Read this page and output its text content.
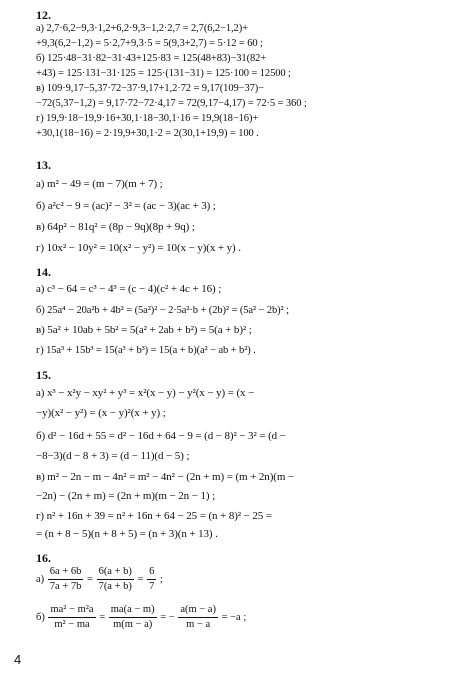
12.
а) 2,7·6,2−9,3·1,2+6,2·9,3−1,2·2,7 = 2,7(6,2−1,2)+
+9,3(6,2−1,2) = 5·2,7+9,3·5 = 5(9,3+2,7) = 5·12 = 60 ;
б) 125·48−31·82−31·43+125·83 = 125(48+83)−31(82+
+43) = 125·131−31·125 = 125·(131−31) = 125·100 = 12500 ;
в) 109·9,17−5,37·72−37·9,17+1,2·72 = 9,17(109−37)−
−72(5,37−1,2) = 9,17·72−72·4,17 = 72(9,17−4,17) = 72·5 = 360 ;
г) 19,9·18−19,9·16+30,1·18−30,1·16 = 19,9(18−16)+
+30,1(18−16) = 2·19,9+30,1·2 = 2(30,1+19,9) = 100 .
13.
а) m² − 49 = (m − 7)(m + 7) ;
б) a²c² − 9 = (ac)² − 3² = (ac − 3)(ac + 3) ;
в) 64p² − 81q² = (8p − 9q)(8p + 9q) ;
г) 10x² − 10y² = 10(x² − y²) = 10(x − y)(x + y) .
14.
а) c³ − 64 = c³ − 4³ = (c − 4)(c² + 4c + 16) ;
б) 25a⁴ − 20a²b + 4b² = (5a²)² − 2·5a²·b + (2b)² = (5a² − 2b)² ;
в) 5a² + 10ab + 5b² = 5(a² + 2ab + b²) = 5(a + b)² ;
г) 15a³ + 15b³ = 15(a³ + b³) = 15(a + b)(a² − ab + b²) .
15.
а) x³ − x²y − xy² + y³ = x²(x − y) − y²(x − y) = (x −
−y)(x² − y²) = (x − y)²(x + y) ;
б) d² − 16d + 55 = d² − 16d + 64 − 9 = (d − 8)² − 3² = (d −
−8−3)(d − 8 + 3) = (d − 11)(d − 5) ;
в) m² − 2n − m − 4n² = m² − 4n² − (2n + m) = (m + 2n)(m −
−2n) − (2n + m) = (2n + m)(m − 2n − 1) ;
г) n² + 16n + 39 = n² + 16n + 64 − 25 = (n + 8)² − 25 =
= (n + 8 − 5)(n + 8 + 5) = (n + 3)(n + 13) .
16.
$а) \frac{6a + 6b}{7a + 7b} = \frac{6(a + b)}{7(a + b)} = \frac{6}{7}$ ;
$б) \frac{\text{ma² − m²a}}{\text{m² − ma}} = \frac{ma(a - m)}{m(m - a)}$ = − $\frac{a(m - a)}{m - a} = -a$ ;
4
